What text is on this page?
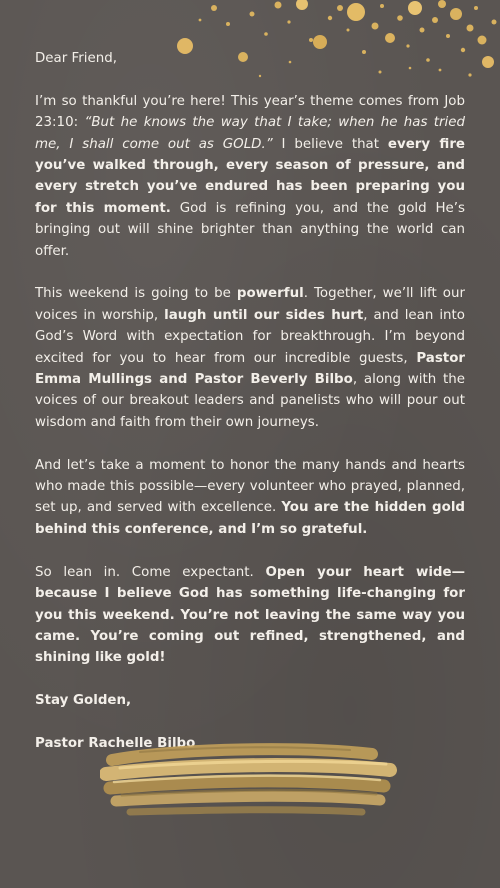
Dear Friend,

I’m so thankful you’re here! This year’s theme comes from Job 23:10: “But he knows the way that I take; when he has tried me, I shall come out as GOLD.” I believe that every fire you’ve walked through, every season of pressure, and every stretch you’ve endured has been preparing you for this moment. God is refining you, and the gold He’s bringing out will shine brighter than anything the world can offer.

This weekend is going to be powerful. Together, we’ll lift our voices in worship, laugh until our sides hurt, and lean into God’s Word with expectation for breakthrough. I’m beyond excited for you to hear from our incredible guests, Pastor Emma Mullings and Pastor Beverly Bilbo, along with the voices of our breakout leaders and panelists who will pour out wisdom and faith from their own journeys.

And let’s take a moment to honor the many hands and hearts who made this possible—every volunteer who prayed, planned, set up, and served with excellence. You are the hidden gold behind this conference, and I’m so grateful.

So lean in. Come expectant. Open your heart wide—because I believe God has something life-changing for you this weekend. You’re not leaving the same way you came. You’re coming out refined, strengthened, and shining like gold!

Stay Golden,

Pastor Rachelle Bilbo
